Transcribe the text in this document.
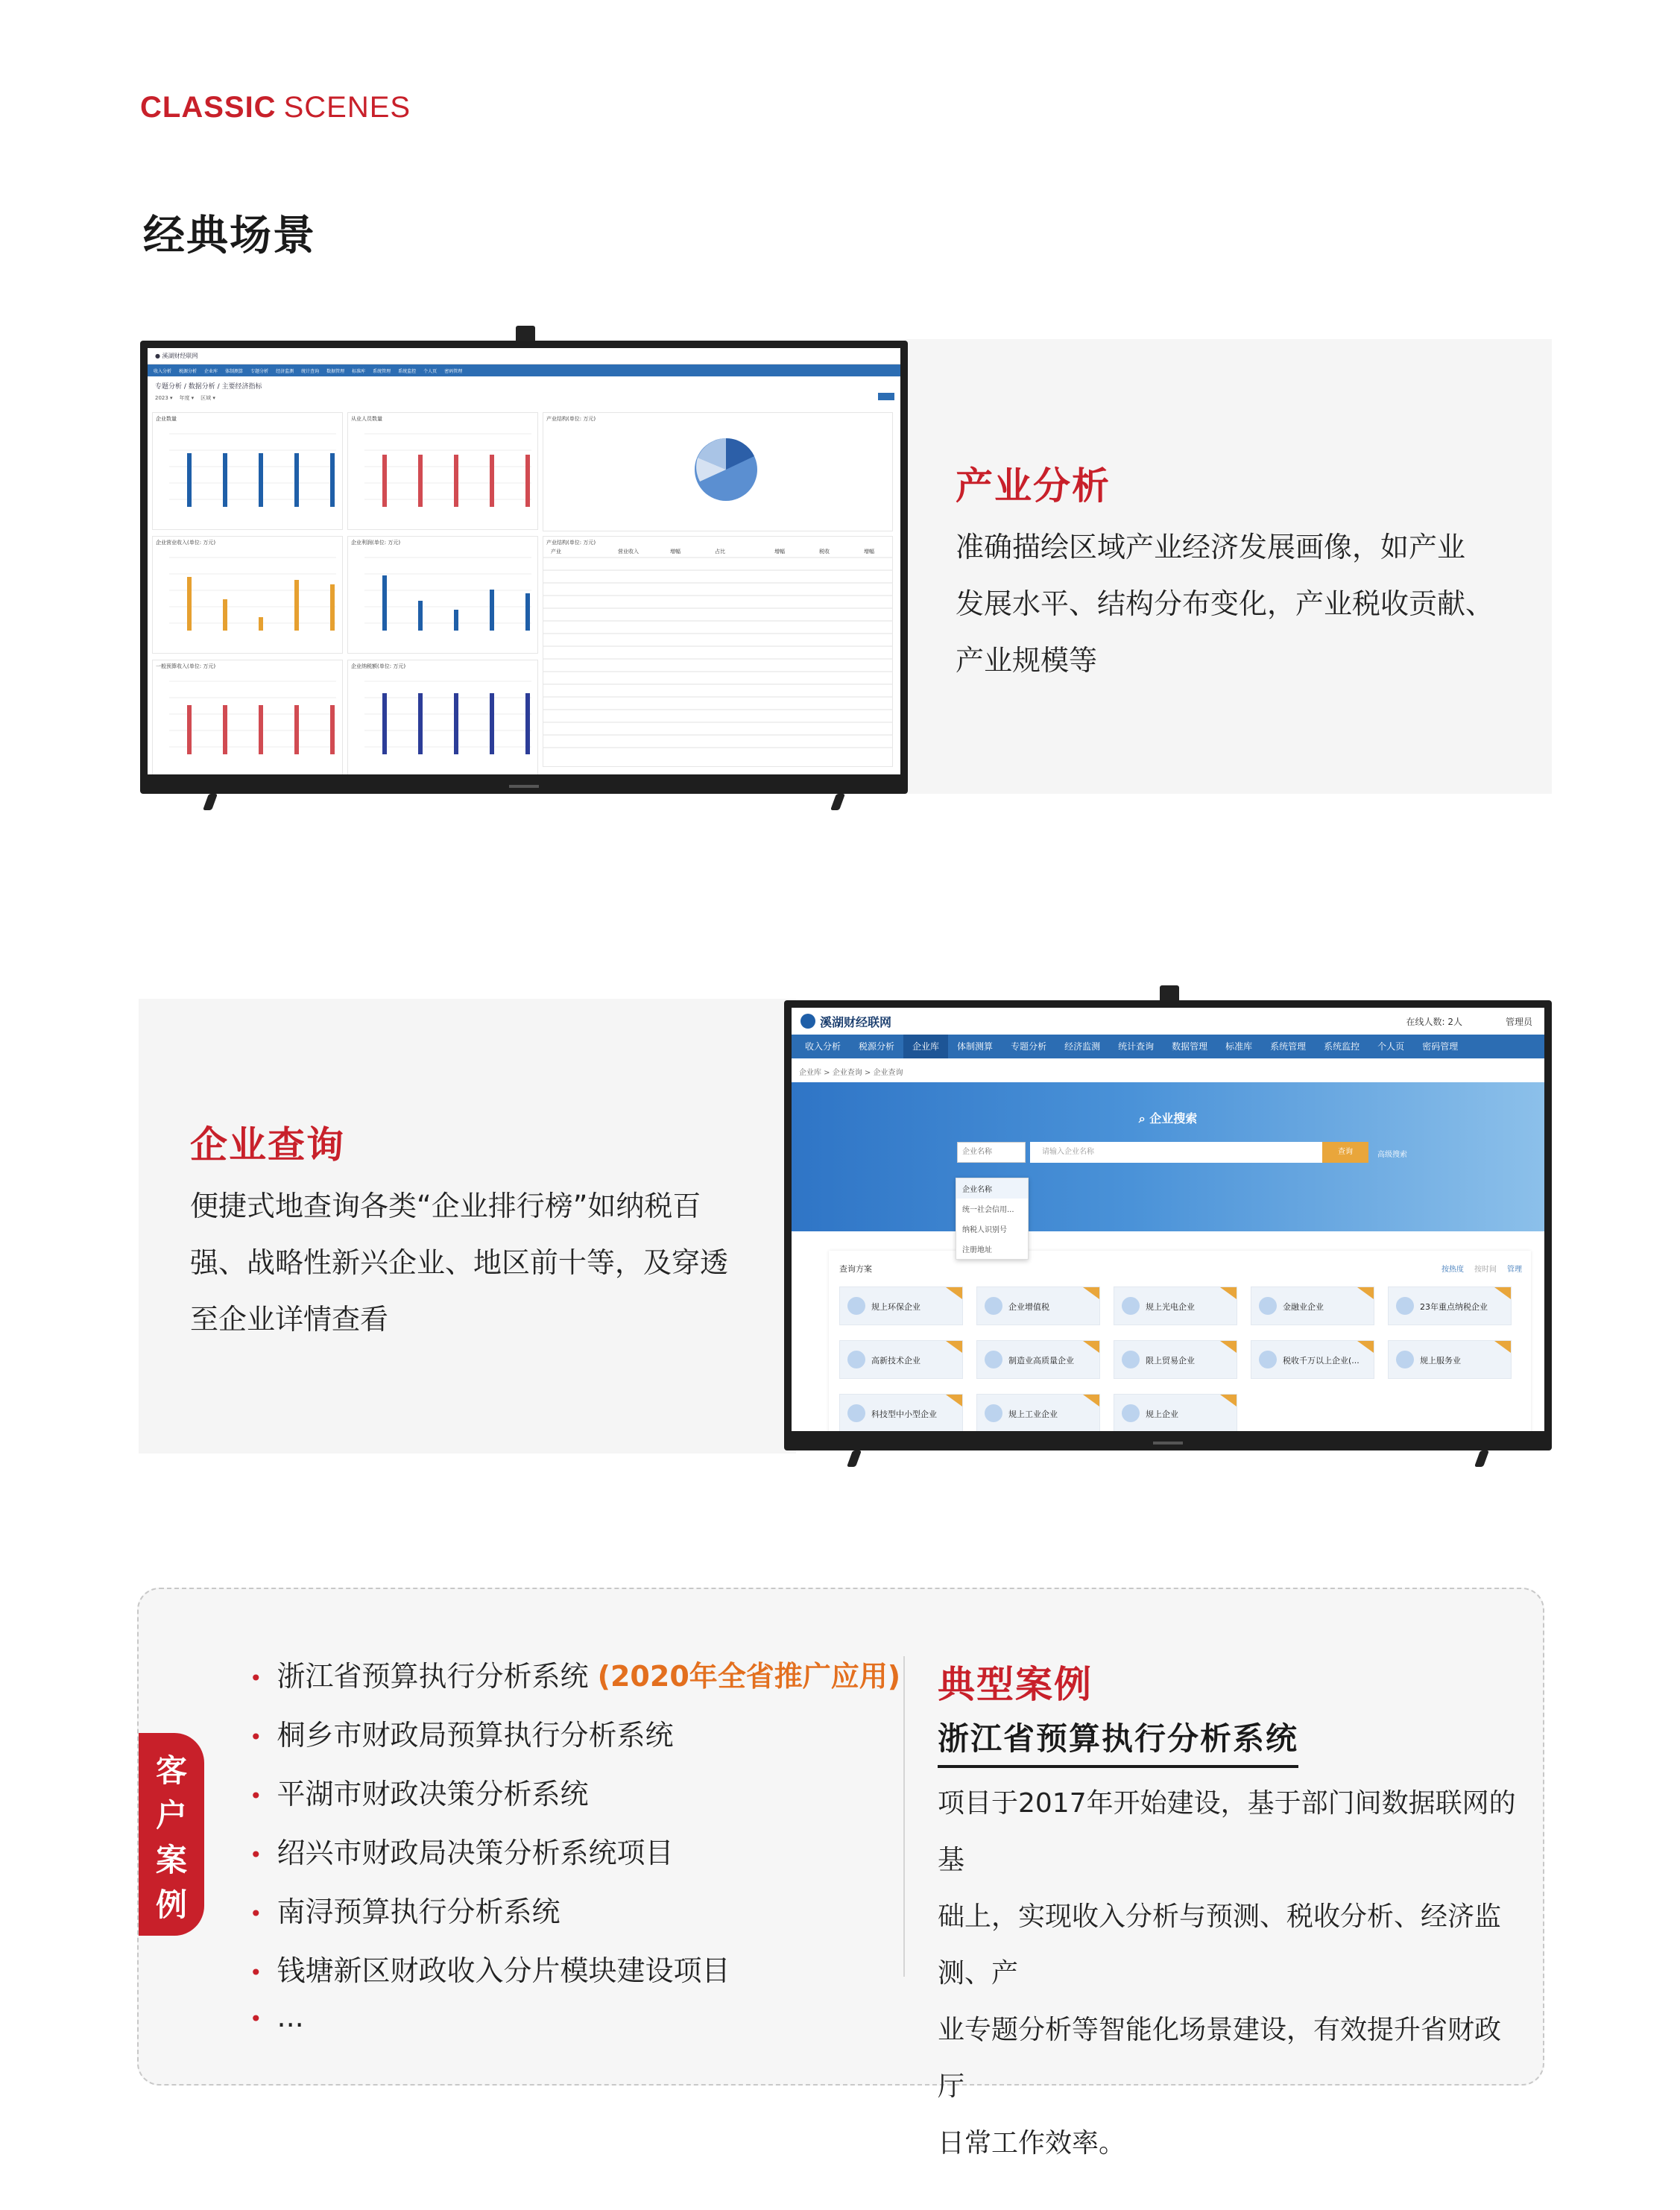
CLASSIC SCENES
经典场景
● 溪湖财经联网
收入分析 税源分析 企业库 体制测算 专题分析 经济监测 统计查询 数据管理 标准库 系统管理 系统监控 个人页 密码管理
专题分析 / 数据分析 / 主要经济指标
2023 ▾    年度 ▾    区域 ▾
企业数量	从业人员数量
企业营业收入(单位: 万元)	企业利润(单位: 万元)
一般预算收入(单位: 万元)	企业纳税额(单位: 万元)
产业结构(单位: 万元)
产业结构(单位: 万元)
产业	营业收入	增幅	占比	增幅	税收	增幅
产业分析
准确描绘区域产业经济发展画像，如产业
发展水平、结构分布变化，产业税收贡献、
产业规模等
企业查询
便捷式地查询各类“企业排行榜”如纳税百
强、战略性新兴企业、地区前十等，及穿透
至企业详情查看
溪湖财经联网	在线人数: 2人	管理员
收入分析	税源分析	企业库	体制测算	专题分析	经济监测	统计查询	数据管理	标准库	系统管理	系统监控	个人页	密码管理
企业库 > 企业查询 > 企业查询
⌕ 企业搜索
企业名称	请输入企业名称	查询	高级搜索
企业名称
统一社会信用...
纳税人识别号
注册地址
查询方案	按热度 按时间 管理
规上环保企业	企业增值税	规上光电企业	金融业企业	23年重点纳税企业
高新技术企业	制造业高质量企业	限上贸易企业	税收千万以上企业(...	规上服务业
科技型中小型企业	规上工业企业	规上企业
客
户
案
例
• 浙江省预算执行分析系统 (2020年全省推广应用)
• 桐乡市财政局预算执行分析系统
• 平湖市财政决策分析系统
• 绍兴市财政局决策分析系统项目
• 南浔预算执行分析系统
• 钱塘新区财政收入分片模块建设项目
• ...
典型案例
浙江省预算执行分析系统
项目于2017年开始建设，基于部门间数据联网的基
础上，实现收入分析与预测、税收分析、经济监测、产
业专题分析等智能化场景建设，有效提升省财政厅
日常工作效率。
